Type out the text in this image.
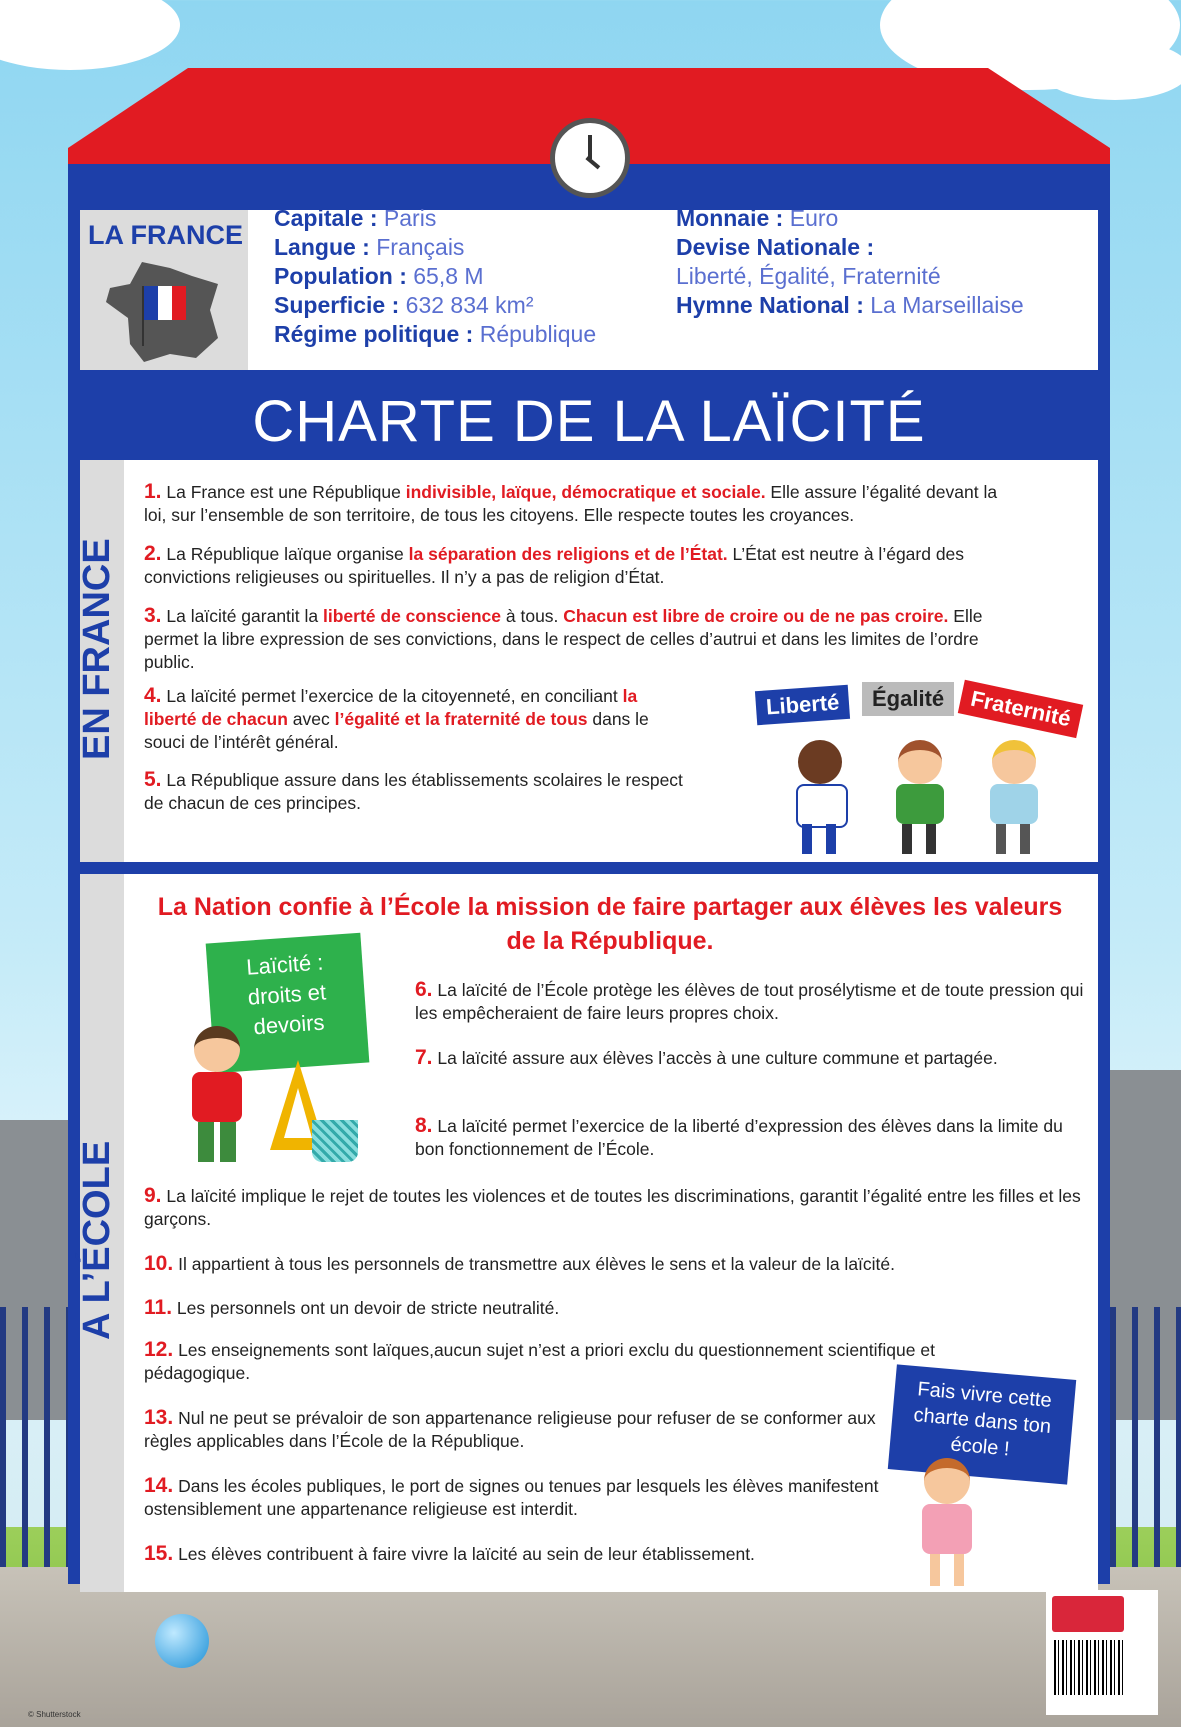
LA FRANCE
Capitale : Paris
Langue : Français
Population : 65,8 M
Superficie : 632 834 km²
Régime politique : République
Monnaie : Euro
Devise Nationale :
Liberté, Égalité, Fraternité
Hymne National : La Marseillaise
CHARTE DE LA LAÏCITÉ
EN FRANCE
1. La France est une République indivisible, laïque, démocratique et sociale. Elle assure l’égalité devant la loi, sur l’ensemble de son territoire, de tous les citoyens. Elle respecte toutes les croyances.
2. La République laïque organise la séparation des religions et de l’État. L’État est neutre à l’égard des convictions religieuses ou spirituelles. Il n’y a pas de religion d’État.
3. La laïcité garantit la liberté de conscience à tous. Chacun est libre de croire ou de ne pas croire. Elle permet la libre expression de ses convictions, dans le respect de celles d’autrui et dans les limites de l’ordre public.
4. La laïcité permet l’exercice de la citoyenneté, en conciliant la liberté de chacun avec l’égalité et la fraternité de tous dans le souci de l’intérêt général.
5. La République assure dans les établissements scolaires le respect de chacun de ces principes.
Liberté	Égalité	Fraternité
A L’ÉCOLE
La Nation confie à l’École la mission de faire partager aux élèves les valeurs de la République.
Laïcité :
droits et
devoirs
6. La laïcité de l’École protège les élèves de tout prosélytisme et de toute pression qui les empêcheraient de faire leurs propres choix.
7. La laïcité assure aux élèves l’accès à une culture commune et partagée.
8. La laïcité permet l’exercice de la liberté d’expression des élèves dans la limite du bon fonctionnement de l’École.
9. La laïcité implique le rejet de toutes les violences et de toutes les discriminations, garantit l’égalité entre les filles et les garçons.
10. Il appartient à tous les personnels de transmettre aux élèves le sens et la valeur de la laïcité.
11. Les personnels ont un devoir de stricte neutralité.
12. Les enseignements sont laïques,aucun sujet n’est a priori exclu du questionnement scientifique et pédagogique.
13. Nul ne peut se prévaloir de son appartenance religieuse pour refuser de se conformer aux règles applicables dans l’École de la République.
14. Dans les écoles publiques, le port de signes ou tenues par lesquels les élèves manifestent ostensiblement une appartenance religieuse est interdit.
15. Les élèves contribuent à faire vivre la laïcité au sein de leur établissement.
Fais vivre cette
charte dans ton
école !
© Shutterstock
